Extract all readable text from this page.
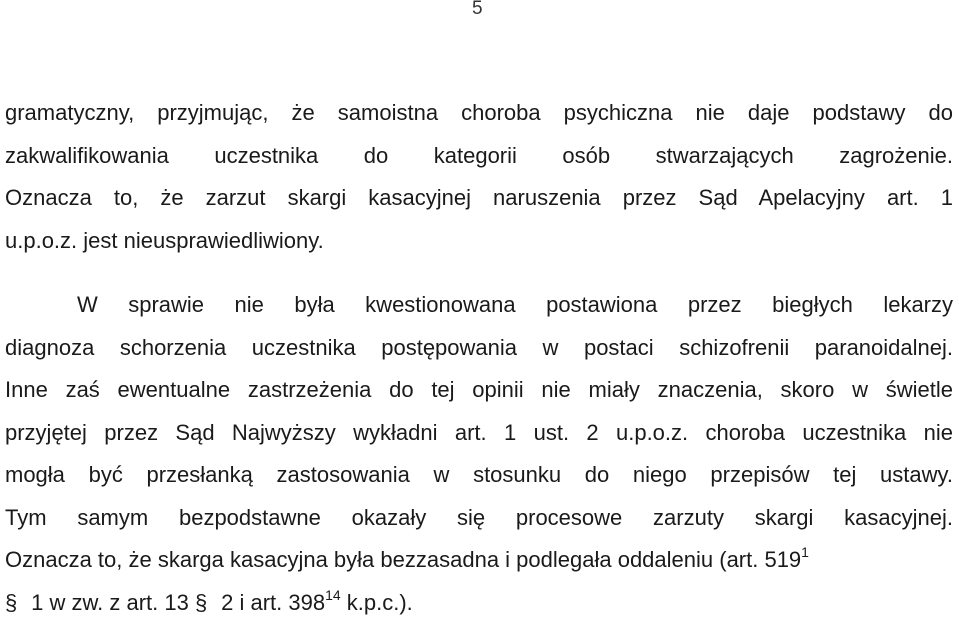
5
gramatyczny, przyjmując, że samoistna choroba psychiczna nie daje podstawy do
zakwalifikowania uczestnika do kategorii osób stwarzających zagrożenie.
Oznacza to, że zarzut skargi kasacyjnej naruszenia przez Sąd Apelacyjny art. 1
u.p.o.z. jest nieusprawiedliwiony.
W sprawie nie była kwestionowana postawiona przez biegłych lekarzy
diagnoza schorzenia uczestnika postępowania w postaci schizofrenii paranoidalnej.
Inne zaś ewentualne zastrzeżenia do tej opinii nie miały znaczenia, skoro w świetle
przyjętej przez Sąd Najwyższy wykładni art. 1 ust. 2 u.p.o.z. choroba uczestnika nie
mogła być przesłanką zastosowania w stosunku do niego przepisów tej ustawy.
Tym samym bezpodstawne okazały się procesowe zarzuty skargi kasacyjnej.
Oznacza to, że skarga kasacyjna była bezzasadna i podlegała oddaleniu (art. $519^1$
§ 1 w zw. z art. 13 § 2 i art. $398^{14}$ k.p.c.).
